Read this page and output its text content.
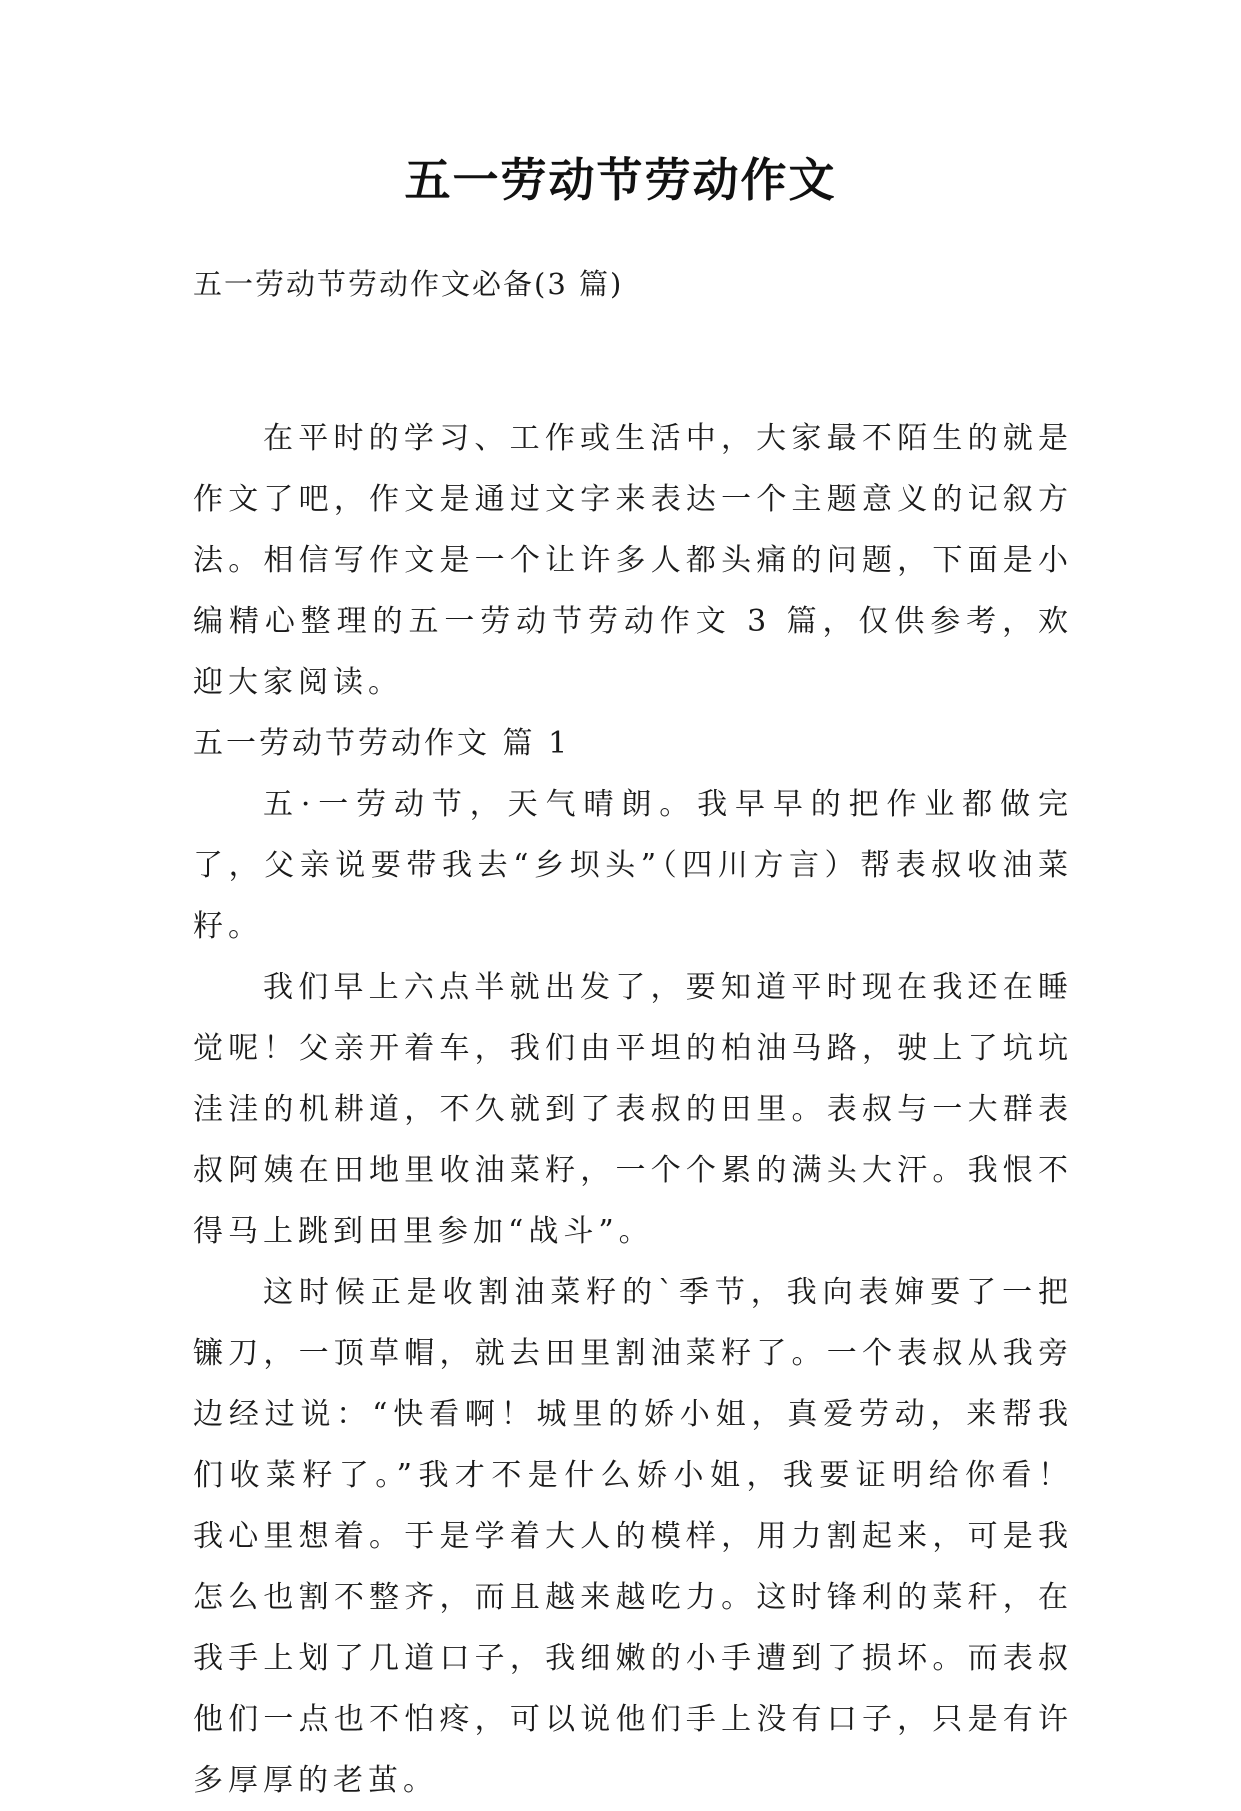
五一劳动节劳动作文
五一劳动节劳动作文必备(3 篇)

在平时的学习、工作或生活中，大家最不陌生的就是作文了吧，作文是通过文字来表达一个主题意义的记叙方法。相信写作文是一个让许多人都头痛的问题，下面是小编精心整理的五一劳动节劳动作文 3 篇，仅供参考，欢迎大家阅读。

五一劳动节劳动作文 篇 1

五·一劳动节，天气晴朗。我早早的把作业都做完了，父亲说要带我去“乡坝头”（四川方言）帮表叔收油菜籽。

我们早上六点半就出发了，要知道平时现在我还在睡觉呢！父亲开着车，我们由平坦的柏油马路，驶上了坑坑洼洼的机耕道，不久就到了表叔的田里。表叔与一大群表叔阿姨在田地里收油菜籽，一个个累的满头大汗。我恨不得马上跳到田里参加“战斗”。

这时候正是收割油菜籽的`季节，我向表婶要了一把镰刀，一顶草帽，就去田里割油菜籽了。一个表叔从我旁边经过说：“快看啊！城里的娇小姐，真爱劳动，来帮我们收菜籽了。”我才不是什么娇小姐，我要证明给你看！我心里想着。于是学着大人的模样，用力割起来，可是我怎么也割不整齐，而且越来越吃力。这时锋利的菜秆，在我手上划了几道口子，我细嫩的小手遭到了损坏。而表叔他们一点也不怕疼，可以说他们手上没有口子，只是有许多厚厚的老茧。
